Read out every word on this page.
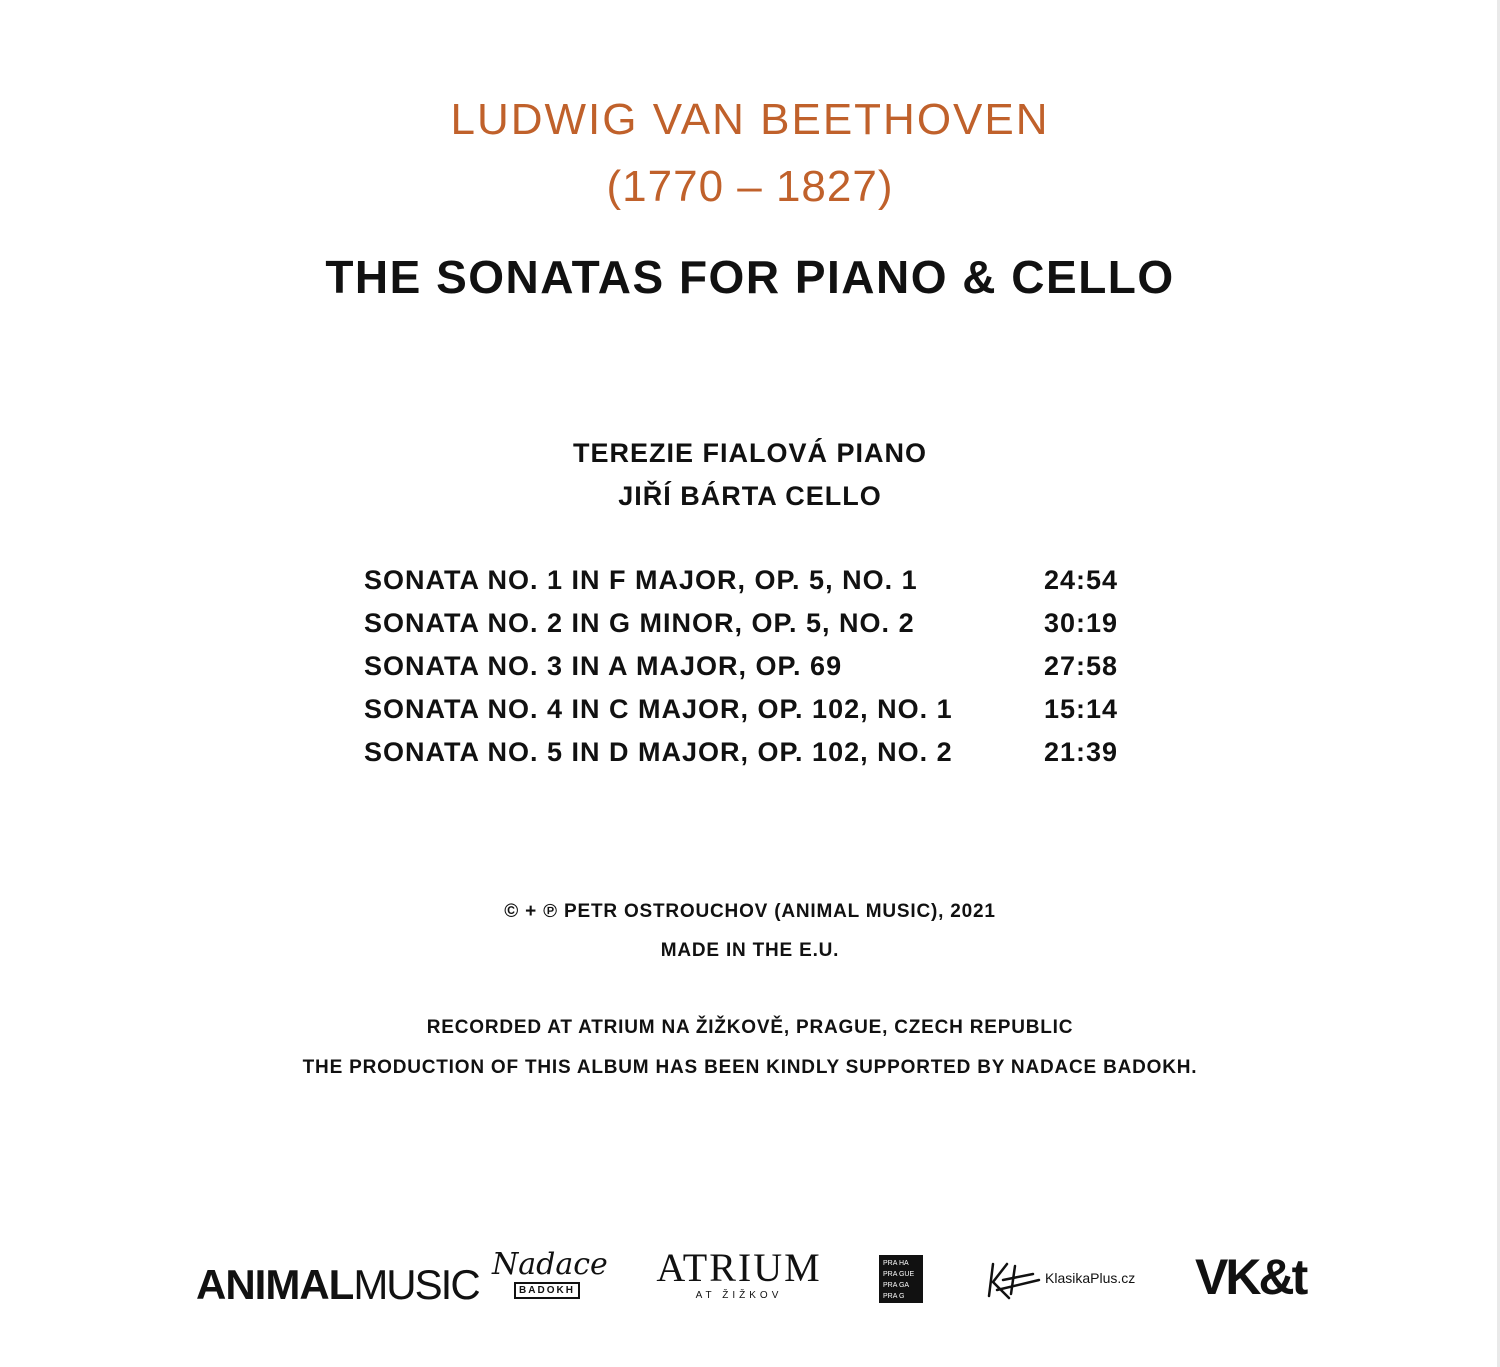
LUDWIG VAN BEETHOVEN
(1770 – 1827)
THE SONATAS FOR PIANO & CELLO
TEREZIE FIALOVÁ PIANO
JIŘÍ BÁRTA CELLO
SONATA NO. 1 IN F MAJOR, OP. 5, NO. 1	24:54
SONATA NO. 2 IN G MINOR, OP. 5, NO. 2	30:19
SONATA NO. 3 IN A MAJOR, OP. 69	27:58
SONATA NO. 4 IN C MAJOR, OP. 102, NO. 1	15:14
SONATA NO. 5 IN D MAJOR, OP. 102, NO. 2	21:39
© + ℗ PETR OSTROUCHOV (ANIMAL MUSIC), 2021
MADE IN THE E.U.
RECORDED AT ATRIUM NA ŽIŽKOVĚ, PRAGUE, CZECH REPUBLIC
THE PRODUCTION OF THIS ALBUM HAS BEEN KINDLY SUPPORTED BY NADACE BADOKH.
ANIMALMUSIC Nadace
BADOKH
ATRIUM
AT ŽIŽKOV
PRA HA
PRA GUE
PRA GA
PRA G
KlasikaPlus.cz VK&t
